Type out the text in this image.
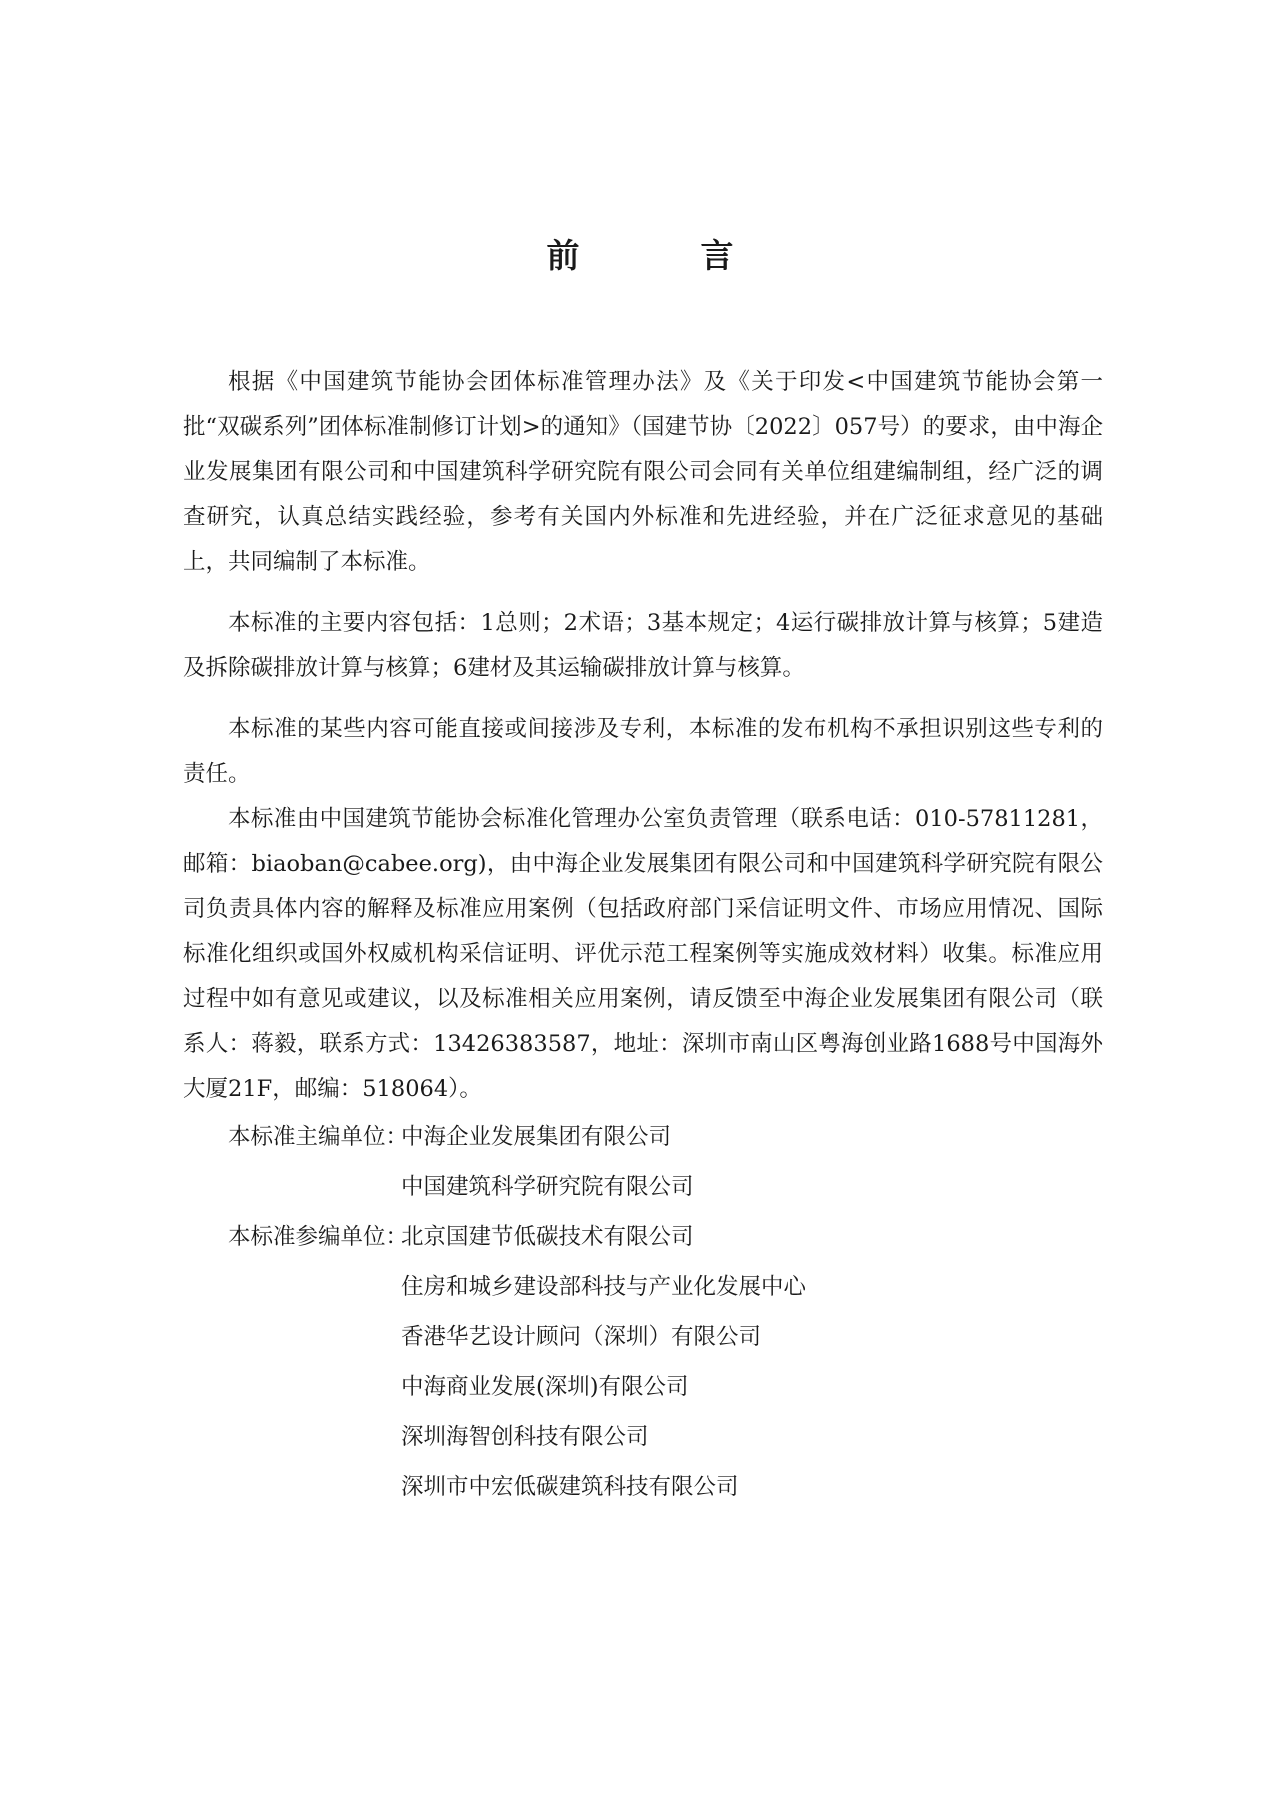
前　言

根据《中国建筑节能协会团体标准管理办法》及《关于印发<中国建筑节能协会第一批“双碳系列”团体标准制修订计划>的通知》（国建节协〔2022〕057号）的要求，由中海企业发展集团有限公司和中国建筑科学研究院有限公司会同有关单位组建编制组，经广泛的调查研究，认真总结实践经验，参考有关国内外标准和先进经验，并在广泛征求意见的基础上，共同编制了本标准。

本标准的主要内容包括：1总则；2术语；3基本规定；4运行碳排放计算与核算；5建造及拆除碳排放计算与核算；6建材及其运输碳排放计算与核算。

本标准的某些内容可能直接或间接涉及专利，本标准的发布机构不承担识别这些专利的责任。

本标准由中国建筑节能协会标准化管理办公室负责管理（联系电话：010-57811281，邮箱：biaoban@cabee.org)，由中海企业发展集团有限公司和中国建筑科学研究院有限公司负责具体内容的解释及标准应用案例（包括政府部门采信证明文件、市场应用情况、国际标准化组织或国外权威机构采信证明、评优示范工程案例等实施成效材料）收集。标准应用过程中如有意见或建议，以及标准相关应用案例，请反馈至中海企业发展集团有限公司（联系人：蒋毅，联系方式：13426383587，地址：深圳市南山区粤海创业路1688号中国海外大厦21F，邮编：518064）。

本标准主编单位：
中海企业发展集团有限公司
中国建筑科学研究院有限公司
本标准参编单位：
北京国建节低碳技术有限公司
住房和城乡建设部科技与产业化发展中心
香港华艺设计顾问（深圳）有限公司
中海商业发展(深圳)有限公司
深圳海智创科技有限公司
深圳市中宏低碳建筑科技有限公司
